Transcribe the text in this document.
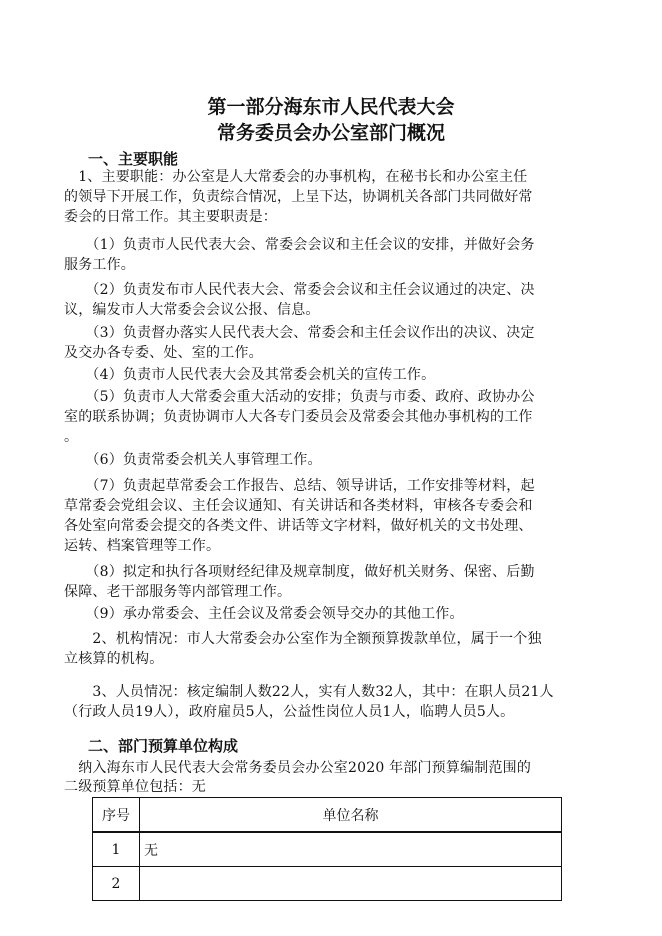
第一部分海东市人民代表大会
常务委员会办公室部门概况
一、主要职能
　1、主要职能：办公室是人大常委会的办事机构，在秘书长和办公室主任
的领导下开展工作，负责综合情况，上呈下达，协调机关各部门共同做好常
委会的日常工作。其主要职责是：
　　（1）负责市人民代表大会、常委会会议和主任会议的安排，并做好会务
服务工作。
　　（2）负责发布市人民代表大会、常委会会议和主任会议通过的决定、决
议，编发市人大常委会会议公报、信息。
　　（3）负责督办落实人民代表大会、常委会和主任会议作出的决议、决定
及交办各专委、处、室的工作。
　　（4）负责市人民代表大会及其常委会机关的宣传工作。
　　（5）负责市人大常委会重大活动的安排；负责与市委、政府、政协办公
室的联系协调；负责协调市人大各专门委员会及常委会其他办事机构的工作
。
　　（6）负责常委会机关人事管理工作。
　　（7）负责起草常委会工作报告、总结、领导讲话，工作安排等材料，起
草常委会党组会议、主任会议通知、有关讲话和各类材料，审核各专委会和
各处室向常委会提交的各类文件、讲话等文字材料，做好机关的文书处理、
运转、档案管理等工作。
　　（8）拟定和执行各项财经纪律及规章制度，做好机关财务、保密、后勤
保障、老干部服务等内部管理工作。
　　（9）承办常委会、主任会议及常委会领导交办的其他工作。
　　2、机构情况：市人大常委会办公室作为全额预算拨款单位，属于一个独
立核算的机构。
　　3、人员情况：核定编制人数22人，实有人数32人，其中：在职人员21人
（行政人员19人），政府雇员5人，公益性岗位人员1人，临聘人员5人。
二、部门预算单位构成
　纳入海东市人民代表大会常务委员会办公室2020 年部门预算编制范围的
二级预算单位包括：无
序号	单位名称
1	无
2	
